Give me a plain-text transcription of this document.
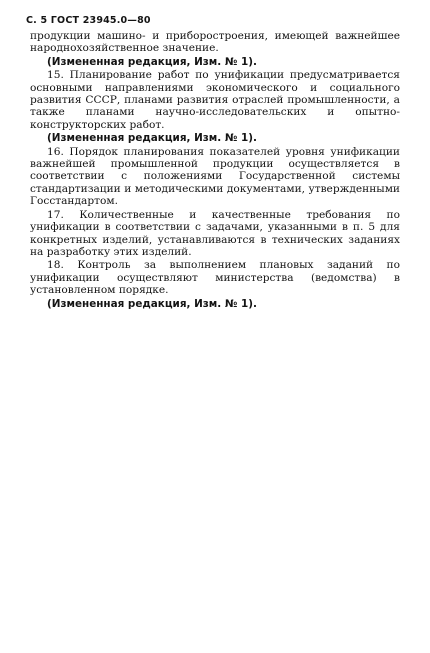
С. 5 ГОСТ 23945.0—80

продукции машино- и приборостроения, имеющей важнейшее народнохозяйственное значение.

(Измененная редакция, Изм. № 1).

15. Планирование работ по унификации предусматривается основными направлениями экономического и социального развития СССР, планами развития отраслей промышленности, а также планами научно-исследовательских и опытно-конструкторских работ.

(Измененная редакция, Изм. № 1).

16. Порядок планирования показателей уровня унификации важнейшей промышленной продукции осуществляется в соответствии с положениями Государственной системы стандартизации и методическими документами, утвержденными Госстандартом.

17. Количественные и качественные требования по унификации в соответствии с задачами, указанными в п. 5 для конкретных изделий, устанавливаются в технических заданиях на разработку этих изделий.

18. Контроль за выполнением плановых заданий по унификации осуществляют министерства (ведомства) в установленном порядке.

(Измененная редакция, Изм. № 1).
